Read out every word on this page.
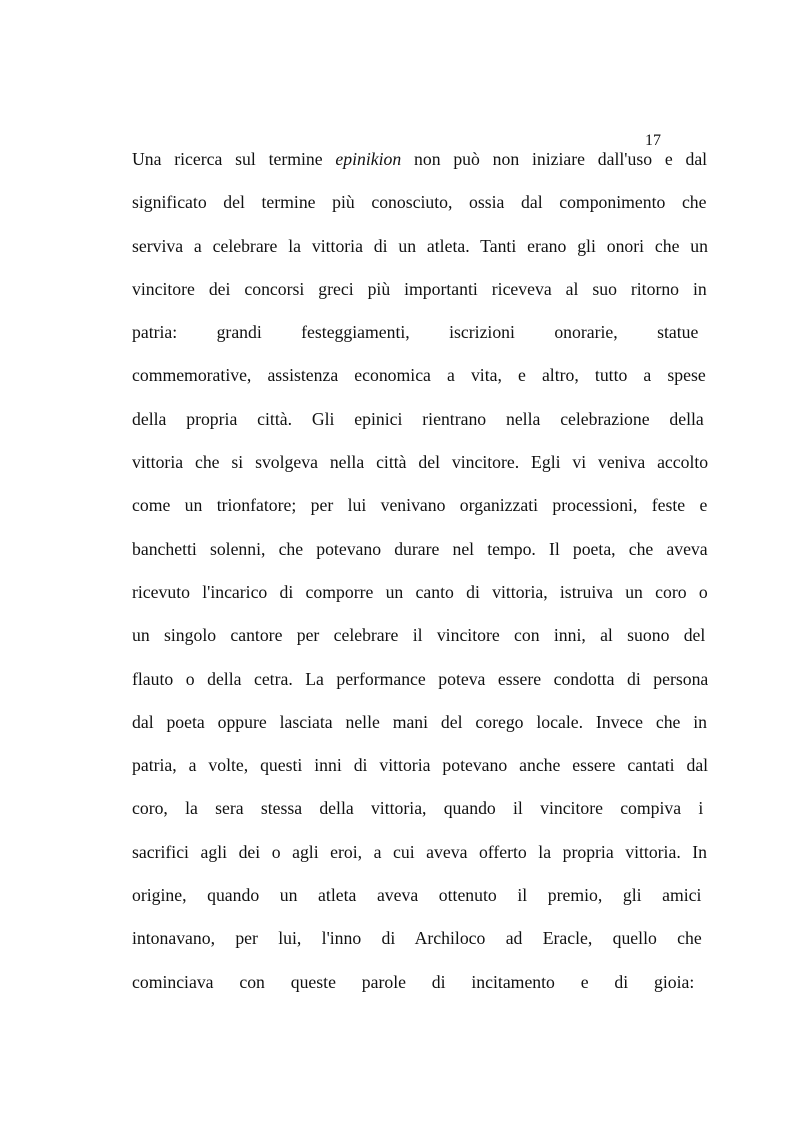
17
Una ricerca sul termine epinikion non può non iniziare dall'uso e dal
significato del termine più conosciuto, ossia dal componimento che
serviva a celebrare la vittoria di un atleta. Tanti erano gli onori che un
vincitore dei concorsi greci più importanti riceveva al suo ritorno in
patria: grandi festeggiamenti, iscrizioni onorarie, statue
commemorative, assistenza economica a vita, e altro, tutto a spese
della propria città. Gli epinici rientrano nella celebrazione della
vittoria che si svolgeva nella città del vincitore. Egli vi veniva accolto
come un trionfatore; per lui venivano organizzati processioni, feste e
banchetti solenni, che potevano durare nel tempo. Il poeta, che aveva
ricevuto l'incarico di comporre un canto di vittoria, istruiva un coro o
un singolo cantore per celebrare il vincitore con inni, al suono del
flauto o della cetra. La performance poteva essere condotta di persona
dal poeta oppure lasciata nelle mani del corego locale. Invece che in
patria, a volte, questi inni di vittoria potevano anche essere cantati dal
coro, la sera stessa della vittoria, quando il vincitore compiva i
sacrifici agli dei o agli eroi, a cui aveva offerto la propria vittoria. In
origine, quando un atleta aveva ottenuto il premio, gli amici
intonavano, per lui, l'inno di Archiloco ad Eracle, quello che
cominciava con queste parole di incitamento e di gioia:
